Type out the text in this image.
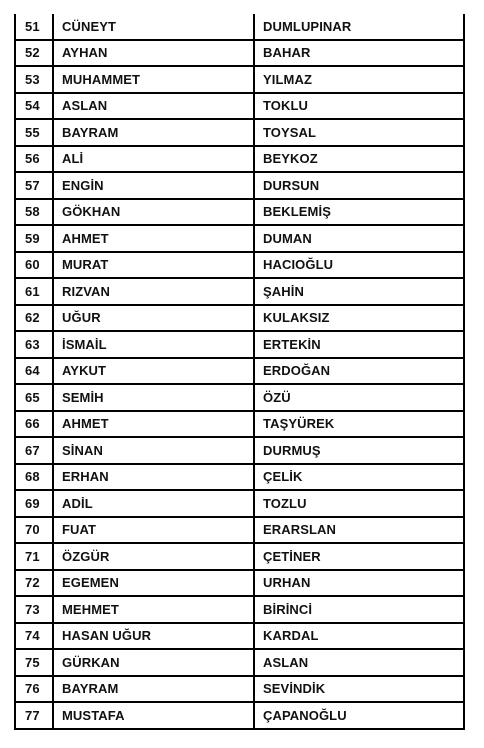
51	CÜNEYT	DUMLUPINAR
52	AYHAN	BAHAR
53	MUHAMMET	YILMAZ
54	ASLAN	TOKLU
55	BAYRAM	TOYSAL
56	ALİ	BEYKOZ
57	ENGİN	DURSUN
58	GÖKHAN	BEKLEMİŞ
59	AHMET	DUMAN
60	MURAT	HACIOĞLU
61	RIZVAN	ŞAHİN
62	UĞUR	KULAKSIZ
63	İSMAİL	ERTEKİN
64	AYKUT	ERDOĞAN
65	SEMİH	ÖZÜ
66	AHMET	TAŞYÜREK
67	SİNAN	DURMUŞ
68	ERHAN	ÇELİK
69	ADİL	TOZLU
70	FUAT	ERARSLAN
71	ÖZGÜR	ÇETİNER
72	EGEMEN	URHAN
73	MEHMET	BİRİNCİ
74	HASAN UĞUR	KARDAL
75	GÜRKAN	ASLAN
76	BAYRAM	SEVİNDİK
77	MUSTAFA	ÇAPANOĞLU
